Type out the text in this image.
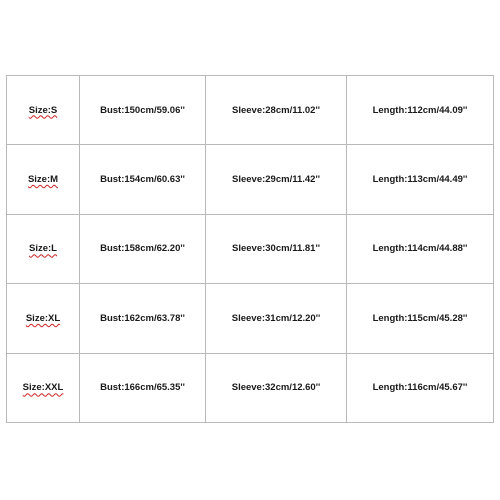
Size:S	Bust:150cm/59.06''	Sleeve:28cm/11.02''	Length:112cm/44.09''
Size:M	Bust:154cm/60.63''	Sleeve:29cm/11.42''	Length:113cm/44.49''
Size:L	Bust:158cm/62.20''	Sleeve:30cm/11.81''	Length:114cm/44.88''
Size:XL	Bust:162cm/63.78''	Sleeve:31cm/12.20''	Length:115cm/45.28''
Size:XXL	Bust:166cm/65.35''	Sleeve:32cm/12.60''	Length:116cm/45.67''
